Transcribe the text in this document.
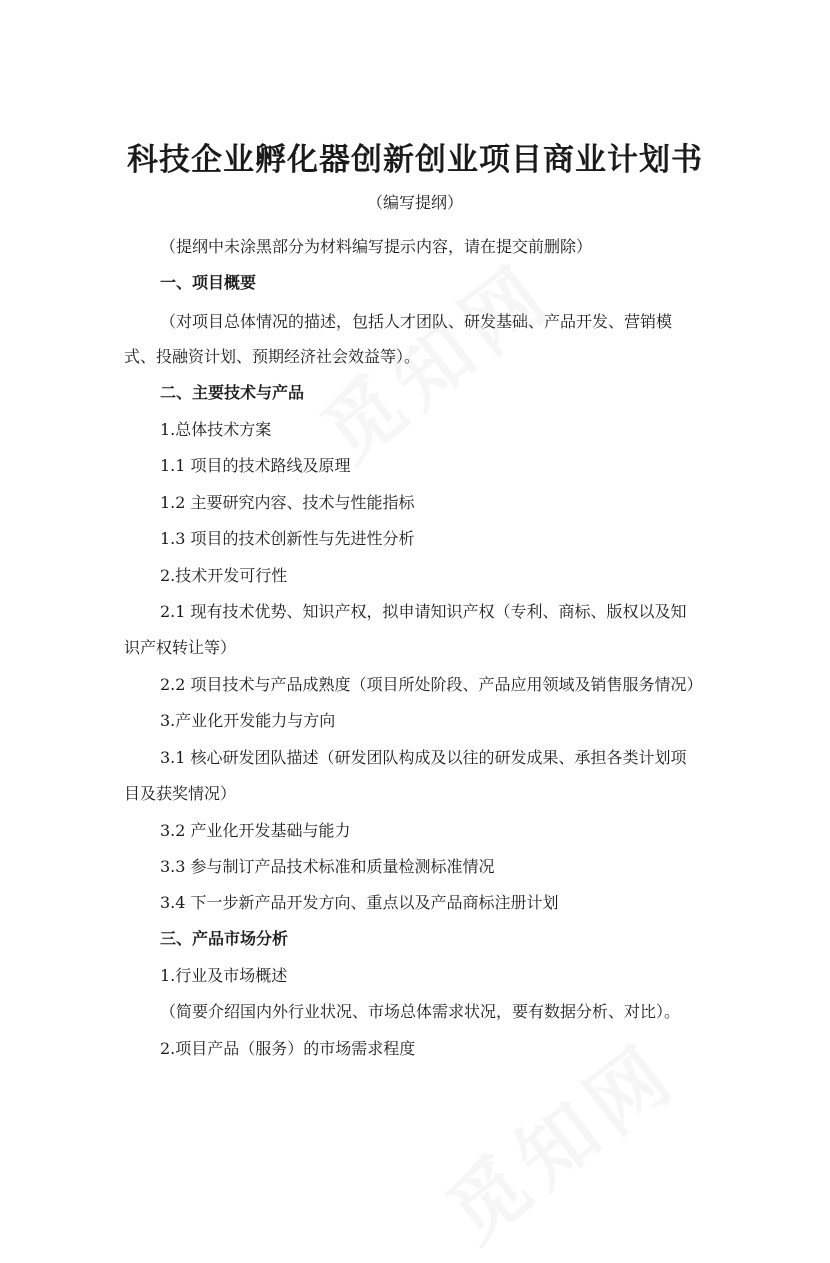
科技企业孵化器创新创业项目商业计划书
（编写提纲）
（提纲中未涂黑部分为材料编写提示内容，请在提交前删除）
一、项目概要
（对项目总体情况的描述，包括人才团队、研发基础、产品开发、营销模
式、投融资计划、预期经济社会效益等）。
二、主要技术与产品
1.总体技术方案
1.1 项目的技术路线及原理
1.2 主要研究内容、技术与性能指标
1.3 项目的技术创新性与先进性分析
2.技术开发可行性
2.1 现有技术优势、知识产权，拟申请知识产权（专利、商标、版权以及知
识产权转让等）
2.2 项目技术与产品成熟度（项目所处阶段、产品应用领域及销售服务情况）
3.产业化开发能力与方向
3.1 核心研发团队描述（研发团队构成及以往的研发成果、承担各类计划项
目及获奖情况）
3.2 产业化开发基础与能力
3.3 参与制订产品技术标准和质量检测标准情况
3.4 下一步新产品开发方向、重点以及产品商标注册计划
三、产品市场分析
1.行业及市场概述
（简要介绍国内外行业状况、市场总体需求状况，要有数据分析、对比）。
2.项目产品（服务）的市场需求程度
